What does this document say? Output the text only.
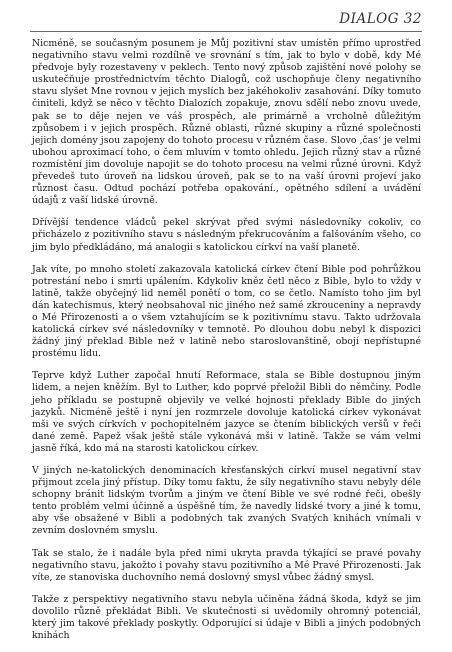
DIALOG 32

Nicméně, se současným posunem je Můj pozitivní stav umístěn přímo uprostřed negativního stavu velmi rozdílně ve srovnání s tím, jak to bylo v době, kdy Mé předvoje byly rozestaveny v peklech. Tento nový způsob zajištění nové polohy se uskutečňuje prostřednictvím těchto Dialogů, což uschopňuje členy negativního stavu slyšet Mne rovnou v jejich myslích bez jakéhokoliv zasahování. Díky tomuto činiteli, když se něco v těchto Dialozích zopakuje, znovu sdělí nebo znovu uvede, pak se to děje nejen ve váš prospěch, ale primárně a vrcholně důležitým způsobem i v jejich prospěch. Různé oblasti, různé skupiny a různé společnosti jejich domény jsou zapojeny do tohoto procesu v různém čase. Slovo ‚čas‘ je velmi ubohou aproximací toho, o čem mluvím v tomto ohledu. Jejich různý stav a různé rozmístění jim dovoluje napojit se do tohoto procesu na velmi různé úrovni. Když převedeš tuto úroveň na lidskou úroveň, pak se to na vaší úrovni projeví jako různost času. Odtud pochází potřeba opakování., opětného sdílení a uvádění údajů z vaší lidské úrovně.

Dřívější tendence vládců pekel skrývat před svými následovníky cokoliv, co přicházelo z pozitivního stavu s následným překrucováním a falšováním všeho, co jim bylo předkládáno, má analogii s katolickou církví na vaší planetě.

Jak víte, po mnoho století zakazovala katolická církev čtení Bible pod pohrůžkou potrestání nebo i smrti upálením. Kdykoliv kněz četl něco z Bible, bylo to vždy v latině, takže obyčejný lid neměl ponětí o tom, co se četlo. Namísto toho jim byl dán katechismus, který neobsahoval nic jiného než samé zkrouceniny a nepravdy o Mé Přirozenosti a o všem vztahujícím se k pozitivnímu stavu. Takto udržovala katolická církev své následovníky v temnotě. Po dlouhou dobu nebyl k dispozici žádný jiný překlad Bible než v latině nebo staroslovanštině, obojí nepřístupné prostému lidu.

Teprve když Luther započal hnutí Reformace, stala se Bible dostupnou jiným lidem, a nejen kněžím. Byl to Luther, kdo poprvé přeložil Bibli do němčiny. Podle jeho příkladu se postupně objevily ve velké hojnosti překlady Bible do jiných jazyků. Nicméně ještě i nyní jen rozmrzele dovoluje katolická církev vykonávat mši ve svých církvích v pochopitelném jazyce se čtením biblických veršů v řeči dané země. Papež však ještě stále vykonává mši v latině. Takže se vám velmi jasně říká, kdo má na starosti katolickou církev.

V jiných ne-katolických denominacích křesťanských církví musel negativní stav přijmout zcela jiný přístup. Díky tomu faktu, že síly negativního stavu nebyly déle schopny bránit lidským tvorům a jiným ve čtení Bible ve své rodné řeči, obešly tento problém velmi účinně a úspěšně tím, že navedly lidské tvory a jiné k tomu, aby vše obsažené v Bibli a podobných tak zvaných Svatých knihách vnímali v zevním doslovném smyslu.

Tak se stalo, že i nadále byla před nimi ukryta pravda týkající se pravé povahy negativního stavu, jakožto i povahy stavu pozitivního a Mé Pravé Přirozenosti. Jak víte, ze stanoviska duchovního nemá doslovný smysl vůbec žádný smysl.

Takže z perspektivy negativního stavu nebyla učiněna žádná škoda, když se jim dovolilo různě překládat Bibli. Ve skutečnosti si uvědomily ohromný potenciál, který jim takové překlady poskytly. Odporující si údaje v Bibli a jiných podobných knihách
